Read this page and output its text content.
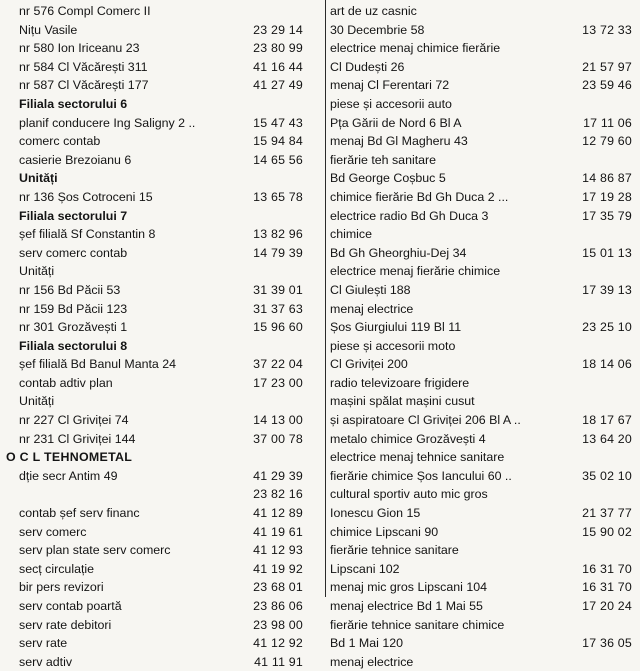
nr 576 Compl Comerc II
Nițu Vasile	23 29 14
nr 580 Ion Iriceanu 23	23 80 99
nr 584 Cl Văcărești 311	41 16 44
nr 587 Cl Văcărești 177	41 27 49
Filiala sectorului 6
planif conducere Ing Saligny 2 ..	15 47 43
comerc contab	15 94 84
casierie Brezoianu 6	14 65 56
Unități
nr 136 Șos Cotroceni 15	13 65 78
Filiala sectorului 7
șef filială Sf Constantin 8	13 82 96
serv comerc contab	14 79 39
Unități
nr 156 Bd Păcii 53	31 39 01
nr 159 Bd Păcii 123	31 37 63
nr 301 Grozăvești 1	15 96 60
Filiala sectorului 8
șef filială Bd Banul Manta 24	37 22 04
contab adtiv plan	17 23 00
Unități
nr 227 Cl Griviței 74	14 13 00
nr 231 Cl Griviței 144	37 00 78
O C L TEHNOMETAL
dție secr Antim 49	41 29 39
23 82 16
contab șef serv financ	41 12 89
serv comerc	41 19 61
serv plan state serv comerc	41 12 93
secț circulație	41 19 92
bir pers revizori	23 68 01
serv contab poartă	23 86 06
serv rate debitori	23 98 00
serv rate	41 12 92
serv adtiv	41 11 91
art de uz casnic
30 Decembrie 58	13 72 33
electrice menaj chimice fierărie
Cl Dudești 26	21 57 97
menaj Cl Ferentari 72	23 59 46
piese și accesorii auto
Pța Gării de Nord 6 Bl A	17 11 06
menaj Bd Gl Magheru 43	12 79 60
fierărie teh sanitare
Bd George Coșbuc 5	14 86 87
chimice fierărie Bd Gh Duca 2 ...	17 19 28
electrice radio Bd Gh Duca 3	17 35 79
chimice
Bd Gh Gheorghiu-Dej 34	15 01 13
electrice menaj fierărie chimice
Cl Giulești 188	17 39 13
menaj electrice
Șos Giurgiului 119 Bl 11	23 25 10
piese și accesorii moto
Cl Griviței 200	18 14 06
radio televizoare frigidere
mașini spălat mașini cusut
și aspiratoare Cl Griviței 206 Bl A ..	18 17 67
metalo chimice Grozăvești 4	13 64 20
electrice menaj tehnice sanitare
fierărie chimice Șos Iancului 60 ..	35 02 10
cultural sportiv auto mic gros
Ionescu Gion 15	21 37 77
chimice Lipscani 90	15 90 02
fierărie tehnice sanitare
Lipscani 102	16 31 70
menaj mic gros Lipscani 104	16 31 70
menaj electrice Bd 1 Mai 55	17 20 24
fierărie tehnice sanitare chimice
Bd 1 Mai 120	17 36 05
menaj electrice
